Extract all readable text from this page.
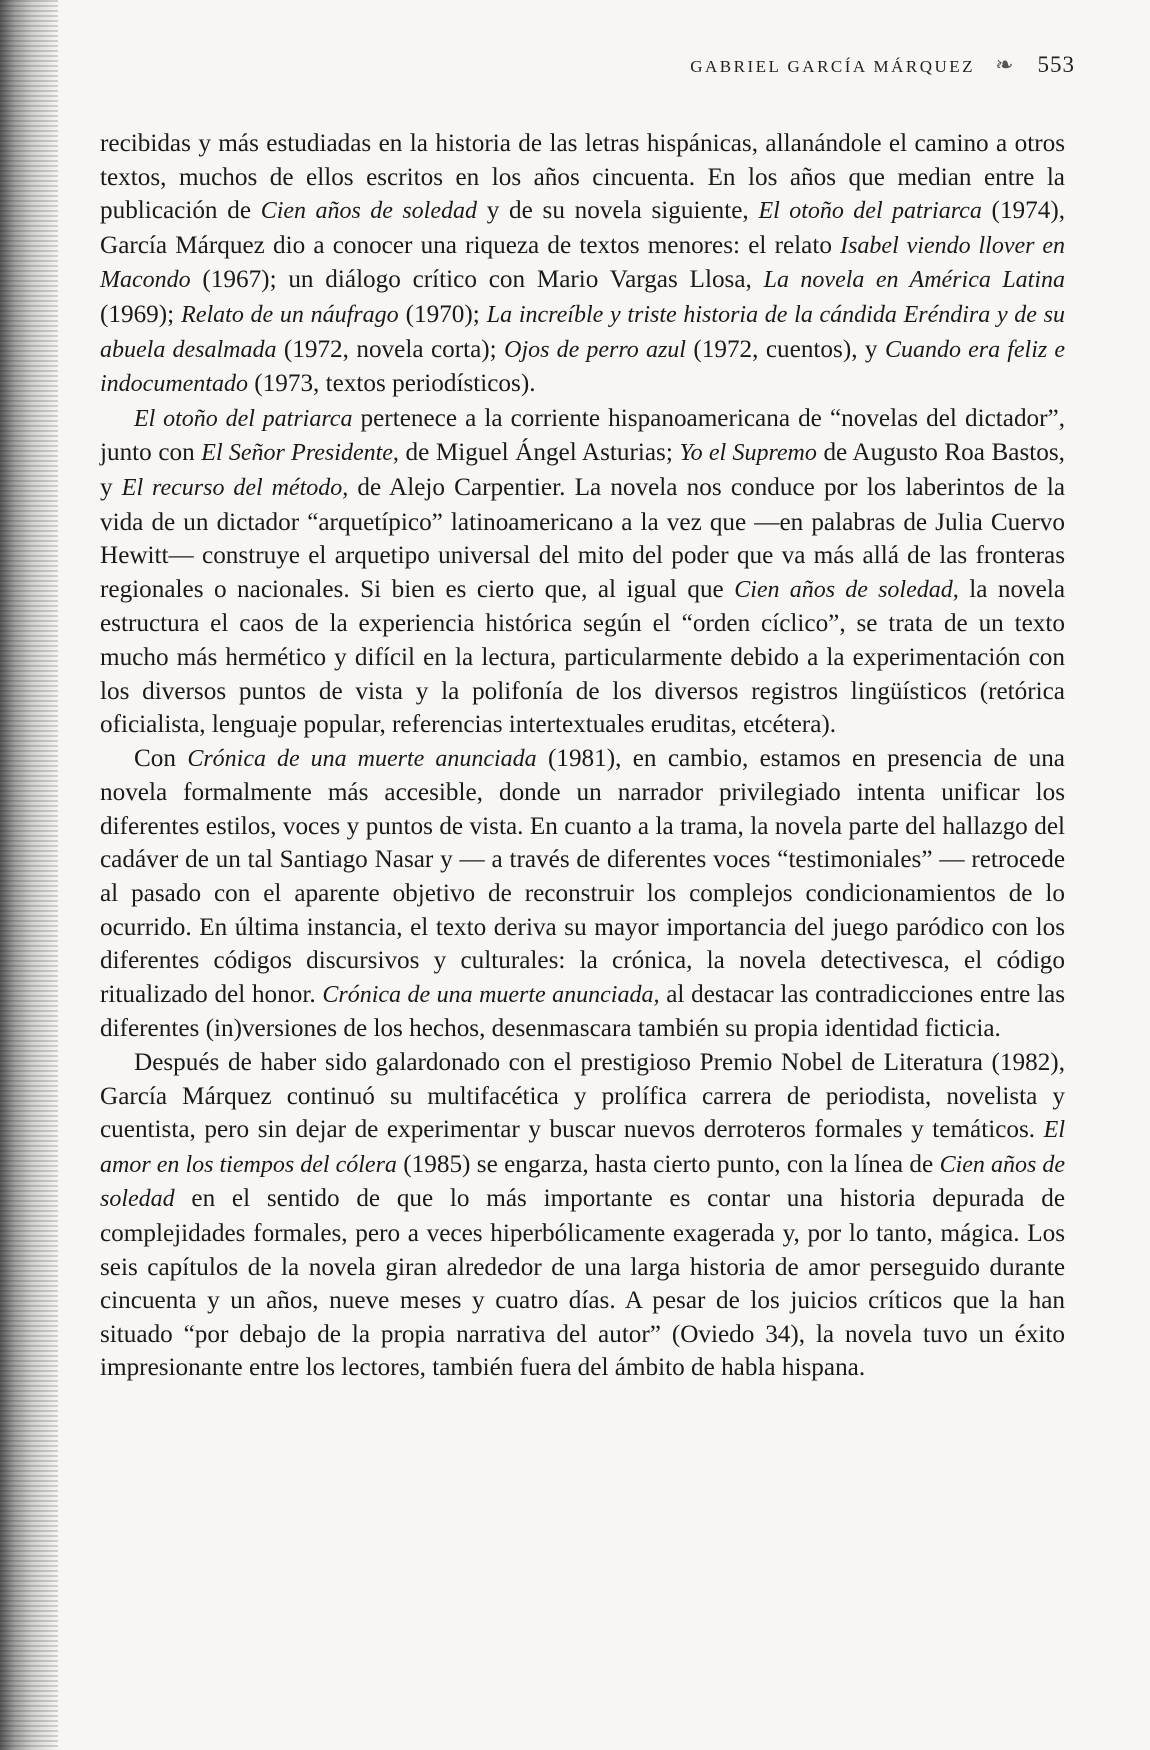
GABRIEL GARCÍA MÁRQUEZ ❧ 553

recibidas y más estudiadas en la historia de las letras hispánicas, allanándole el camino a otros textos, muchos de ellos escritos en los años cincuenta. En los años que median entre la publicación de Cien años de soledad y de su novela siguiente, El otoño del patriarca (1974), García Márquez dio a conocer una riqueza de textos menores: el relato Isabel viendo llover en Macondo (1967); un diálogo crítico con Mario Vargas Llosa, La novela en América Latina (1969); Relato de un náufrago (1970); La increíble y triste historia de la cándida Eréndira y de su abuela desalmada (1972, novela corta); Ojos de perro azul (1972, cuentos), y Cuando era feliz e indocumentado (1973, textos periodísticos).

El otoño del patriarca pertenece a la corriente hispanoamericana de “novelas del dictador”, junto con El Señor Presidente, de Miguel Ángel Asturias; Yo el Supremo de Augusto Roa Bastos, y El recurso del método, de Alejo Carpentier. La novela nos conduce por los laberintos de la vida de un dictador “arquetípico” latinoamericano a la vez que —en palabras de Julia Cuervo Hewitt— construye el arquetipo universal del mito del poder que va más allá de las fronteras regionales o nacionales. Si bien es cierto que, al igual que Cien años de soledad, la novela estructura el caos de la experiencia histórica según el “orden cíclico”, se trata de un texto mucho más hermético y difícil en la lectura, particularmente debido a la experimentación con los diversos puntos de vista y la polifonía de los diversos registros lingüísticos (retórica oficialista, lenguaje popular, referencias intertextuales eruditas, etcétera).

Con Crónica de una muerte anunciada (1981), en cambio, estamos en presencia de una novela formalmente más accesible, donde un narrador privilegiado intenta unificar los diferentes estilos, voces y puntos de vista. En cuanto a la trama, la novela parte del hallazgo del cadáver de un tal Santiago Nasar y — a través de diferentes voces “testimoniales” — retrocede al pasado con el aparente objetivo de reconstruir los complejos condicionamientos de lo ocurrido. En última instancia, el texto deriva su mayor importancia del juego paródico con los diferentes códigos discursivos y culturales: la crónica, la novela detectivesca, el código ritualizado del honor. Crónica de una muerte anunciada, al destacar las contradicciones entre las diferentes (in)versiones de los hechos, desenmascara también su propia identidad ficticia.

Después de haber sido galardonado con el prestigioso Premio Nobel de Literatura (1982), García Márquez continuó su multifacética y prolífica carrera de periodista, novelista y cuentista, pero sin dejar de experimentar y buscar nuevos derroteros formales y temáticos. El amor en los tiempos del cólera (1985) se engarza, hasta cierto punto, con la línea de Cien años de soledad en el sentido de que lo más importante es contar una historia depurada de complejidades formales, pero a veces hiperbólicamente exagerada y, por lo tanto, mágica. Los seis capítulos de la novela giran alrededor de una larga historia de amor perseguido durante cincuenta y un años, nueve meses y cuatro días. A pesar de los juicios críticos que la han situado “por debajo de la propia narrativa del autor” (Oviedo 34), la novela tuvo un éxito impresionante entre los lectores, también fuera del ámbito de habla hispana.
